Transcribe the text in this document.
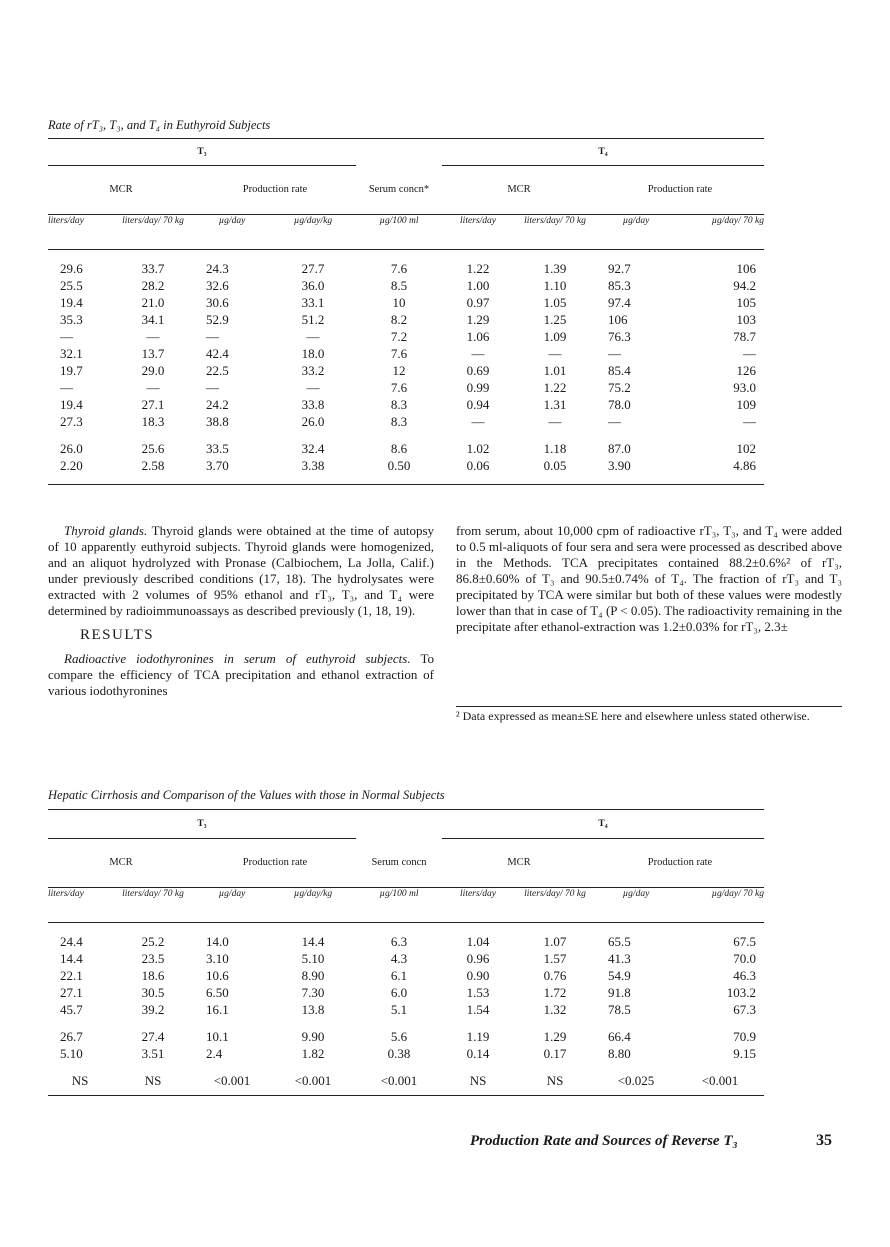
Rate of rT₃, T₃, and T₄ in Euthyroid Subjects
T₃					T₄			
MCR		Production rate		Serum concn*	MCR		Production rate	
liters/day	liters/day/ 70 kg	µg/day	µg/day/kg	µg/100 ml	liters/day	liters/day/ 70 kg	µg/day	µg/day/ 70 kg

29.6	33.7	24.3	27.7	7.6	1.22	1.39	92.7	106
25.5	28.2	32.6	36.0	8.5	1.00	1.10	85.3	94.2
19.4	21.0	30.6	33.1	10	0.97	1.05	97.4	105
35.3	34.1	52.9	51.2	8.2	1.29	1.25	106	103
—	—	—	—	7.2	1.06	1.09	76.3	78.7
32.1	13.7	42.4	18.0	7.6	—	—	—	—
19.7	29.0	22.5	33.2	12	0.69	1.01	85.4	126
—	—	—	—	7.6	0.99	1.22	75.2	93.0
19.4	27.1	24.2	33.8	8.3	0.94	1.31	78.0	109
27.3	18.3	38.8	26.0	8.3	—	—	—	—

26.0	25.6	33.5	32.4	8.6	1.02	1.18	87.0	102
2.20	2.58	3.70	3.38	0.50	0.06	0.05	3.90	4.86

Thyroid glands. Thyroid glands were obtained at the time of autopsy of 10 apparently euthyroid subjects. Thyroid glands were homogenized, and an aliquot hydrolyzed with Pronase (Calbiochem, La Jolla, Calif.) under previously described conditions (17, 18). The hydrolysates were extracted with 2 volumes of 95% ethanol and rT₃, T₃, and T₄ were determined by radioimmunoassays as described previously (1, 18, 19).

RESULTS

Radioactive iodothyronines in serum of euthyroid subjects. To compare the efficiency of TCA precipitation and ethanol extraction of various iodothyronines

from serum, about 10,000 cpm of radioactive rT₃, T₃, and T₄ were added to 0.5 ml-aliquots of four sera and sera were processed as described above in the Methods. TCA precipitates contained 88.2±0.6%² of rT₃, 86.8±0.60% of T₃ and 90.5±0.74% of T₄. The fraction of rT₃ and T₃ precipitated by TCA were similar but both of these values were modestly lower than that in case of T₄ (P < 0.05). The radioactivity remaining in the precipitate after ethanol-extraction was 1.2±0.03% for rT₃, 2.3±

² Data expressed as mean±SE here and elsewhere unless stated otherwise.
Hepatic Cirrhosis and Comparison of the Values with those in Normal Subjects
T₃					T₄			
MCR		Production rate		Serum concn	MCR		Production rate	
liters/day	liters/day/ 70 kg	µg/day	µg/day/kg	µg/100 ml	liters/day	liters/day/ 70 kg	µg/day	µg/day/ 70 kg

24.4	25.2	14.0	14.4	6.3	1.04	1.07	65.5	67.5
14.4	23.5	3.10	5.10	4.3	0.96	1.57	41.3	70.0
22.1	18.6	10.6	8.90	6.1	0.90	0.76	54.9	46.3
27.1	30.5	6.50	7.30	6.0	1.53	1.72	91.8	103.2
45.7	39.2	16.1	13.8	5.1	1.54	1.32	78.5	67.3

26.7	27.4	10.1	9.90	5.6	1.19	1.29	66.4	70.9
5.10	3.51	2.4	1.82	0.38	0.14	0.17	8.80	9.15

NS	NS	<0.001	<0.001	<0.001	NS	NS	<0.025	<0.001
Production Rate and Sources of Reverse T₃	35
